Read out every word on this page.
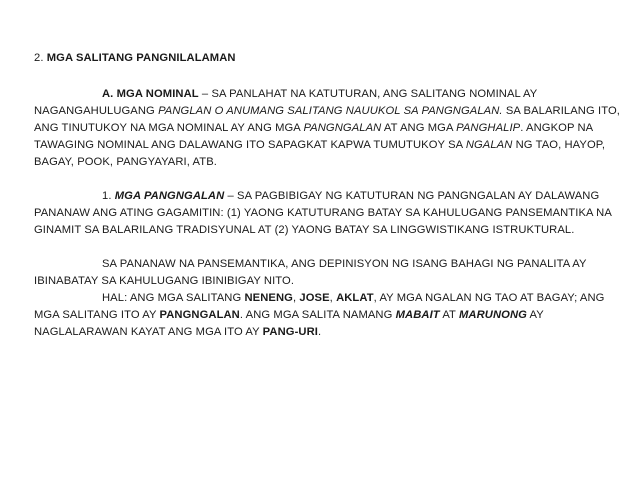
2. MGA SALITANG PANGNILALAMAN

A. MGA NOMINAL – SA PANLAHAT NA KATUTURAN, ANG SALITANG NOMINAL AY NAGANGAHULUGANG PANGLAN O ANUMANG SALITANG NAUUKOL SA PANGNGALAN. SA BALARILANG ITO, ANG TINUTUKOY NA MGA NOMINAL AY ANG MGA PANGNGALAN AT ANG MGA PANGHALIP. ANGKOP NA TAWAGING NOMINAL ANG DALAWANG ITO SAPAGKAT KAPWA TUMUTUKOY SA NGALAN NG TAO, HAYOP, BAGAY, POOK, PANGYAYARI, ATB.

1. MGA PANGNGALAN – SA PAGBIBIGAY NG KATUTURAN NG PANGNGALAN AY DALAWANG PANANAW ANG ATING GAGAMITIN: (1) YAONG KATUTURANG BATAY SA KAHULUGANG PANSEMANTIKA NA GINAMIT SA BALARILANG TRADISYUNAL AT (2) YAONG BATAY SA LINGGWISTIKANG ISTRUKTURAL.

SA PANANAW NA PANSEMANTIKA, ANG DEPINISYON NG ISANG BAHAGI NG PANALITA AY IBINABATAY SA KAHULUGANG IBINIBIGAY NITO.

HAL: ANG MGA SALITANG NENENG, JOSE, AKLAT, AY MGA NGALAN NG TAO AT BAGAY; ANG MGA SALITANG ITO AY PANGNGALAN. ANG MGA SALITA NAMANG MABAIT AT MARUNONG AY NAGLALARAWAN KAYAT ANG MGA ITO AY PANG-URI.
